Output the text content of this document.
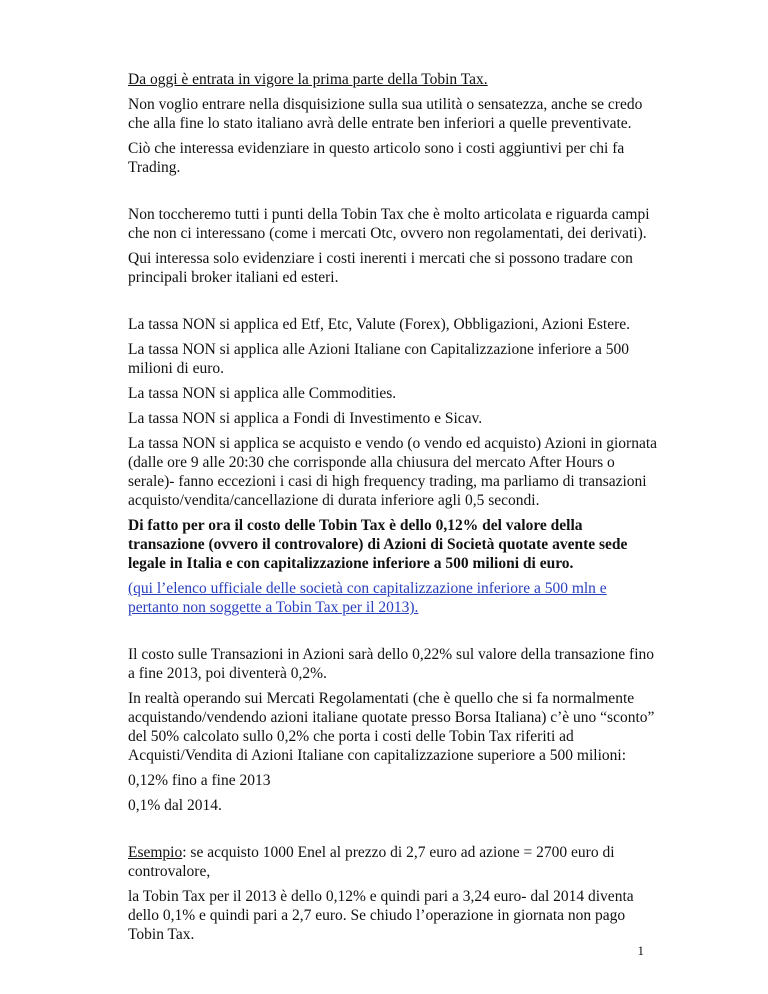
Da oggi è entrata in vigore la prima parte della Tobin Tax.

Non voglio entrare nella disquisizione sulla sua utilità o sensatezza, anche se credo che alla fine lo stato italiano avrà delle entrate ben inferiori a quelle preventivate.

Ciò che interessa evidenziare in questo articolo sono i costi aggiuntivi per chi fa Trading.

Non toccheremo tutti i punti della Tobin Tax che è molto articolata e riguarda campi che non ci interessano (come i mercati Otc, ovvero non regolamentati, dei derivati).

Qui interessa solo evidenziare i costi inerenti i mercati che si possono tradare con principali broker italiani ed esteri.

La tassa NON si applica ed Etf, Etc, Valute (Forex), Obbligazioni, Azioni Estere.

La tassa NON si applica alle Azioni Italiane con Capitalizzazione inferiore a 500 milioni di euro.

La tassa NON si applica alle Commodities.

La tassa NON si applica a Fondi di Investimento e Sicav.

La tassa NON si applica se acquisto e vendo (o vendo ed acquisto) Azioni in giornata (dalle ore 9 alle 20:30 che corrisponde alla chiusura del mercato After Hours o serale)- fanno eccezioni i casi di high frequency trading, ma parliamo di transazioni acquisto/vendita/cancellazione di durata inferiore agli 0,5 secondi.

Di fatto per ora il costo delle Tobin Tax è dello 0,12% del valore della transazione (ovvero il controvalore) di Azioni di Società quotate avente sede legale in Italia e con capitalizzazione inferiore a 500 milioni di euro.

(qui l’elenco ufficiale delle società con capitalizzazione inferiore a 500 mln e pertanto non soggette a Tobin Tax per il 2013).

Il costo sulle Transazioni in Azioni sarà dello 0,22% sul valore della transazione fino a fine 2013, poi diventerà 0,2%.

In realtà operando sui Mercati Regolamentati (che è quello che si fa normalmente acquistando/vendendo azioni italiane quotate presso Borsa Italiana) c’è uno “sconto” del 50% calcolato sullo 0,2% che porta i costi delle Tobin Tax riferiti ad Acquisti/Vendita di Azioni Italiane con capitalizzazione superiore a 500 milioni:

0,12% fino a fine 2013

0,1% dal 2014.

Esempio: se acquisto 1000 Enel al prezzo di 2,7 euro ad azione = 2700 euro di controvalore,

la Tobin Tax per il 2013 è dello 0,12% e quindi pari a 3,24 euro- dal 2014 diventa dello 0,1% e quindi pari a 2,7 euro. Se chiudo l’operazione in giornata non pago Tobin Tax.

1
